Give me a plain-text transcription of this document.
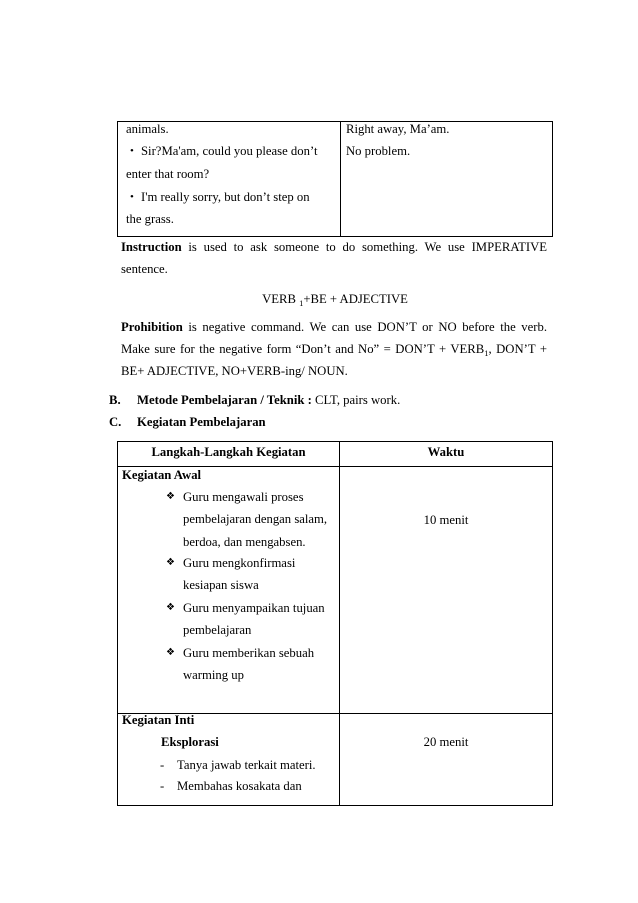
animals.
• Sir?Ma'am, could you please don’t
enter that room?
• I'm really sorry, but don’t step on
the grass.
Right away, Ma’am.
No problem.
Instruction is used to ask someone to do something. We use IMPERATIVE
sentence.
VERB $_1$+BE + ADJECTIVE
Prohibition is negative command. We can use DON’T or NO before the verb.
Make sure for the negative form “Don’t and No” = DON’T + $VERB_1$, DON’T +
BE+ ADJECTIVE, NO+VERB-ing/ NOUN.
B. Metode Pembelajaran / Teknik : CLT, pairs work.
C. Kegiatan Pembelajaran
Langkah-Langkah Kegiatan	Waktu
Kegiatan Awal
❖ Guru mengawali proses
pembelajaran dengan salam,
berdoa, dan mengabsen.
❖ Guru mengkonfirmasi
kesiapan siswa
❖ Guru menyampaikan tujuan
pembelajaran
❖ Guru memberikan sebuah
warming up
10 menit
Kegiatan Inti
Eksplorasi
- Tanya jawab terkait materi.
- Membahas kosakata dan
20 menit
